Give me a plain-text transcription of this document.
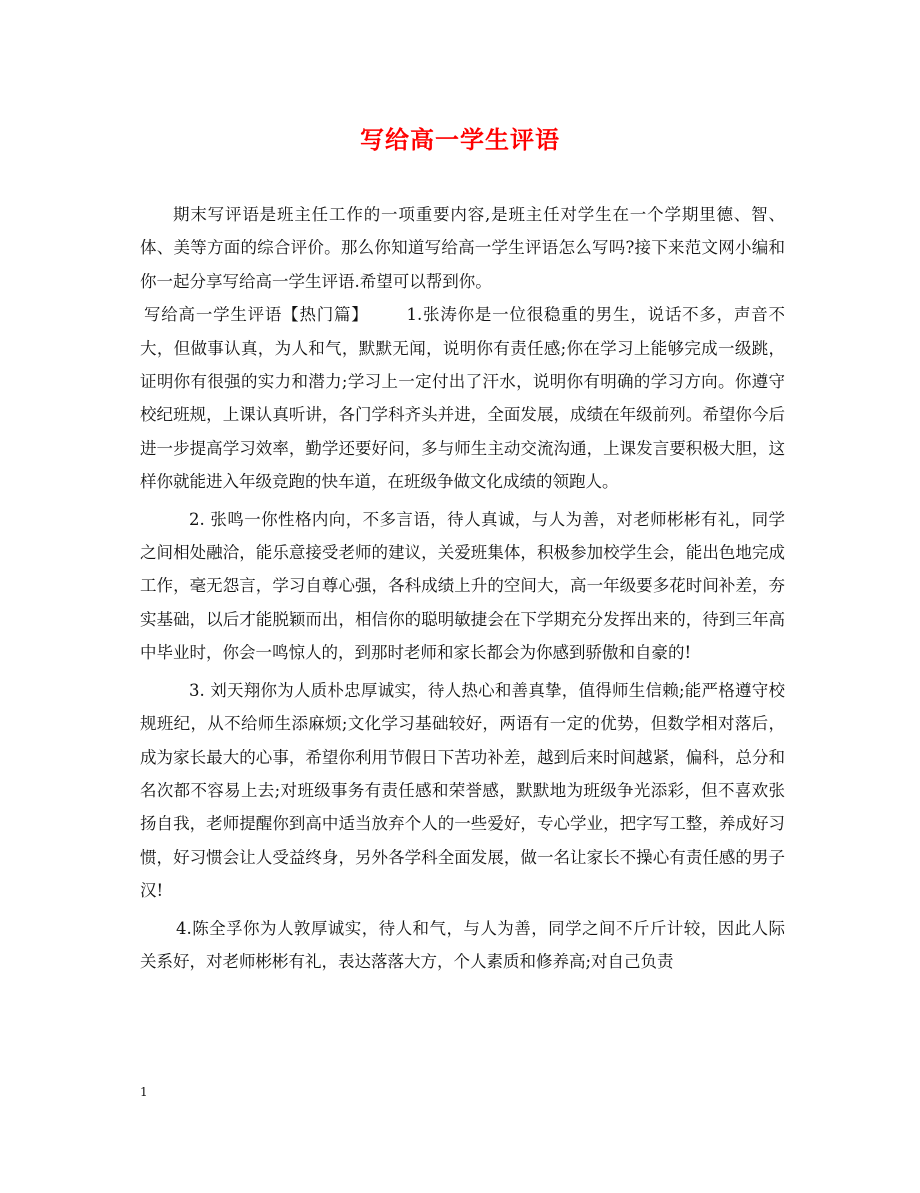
写给高一学生评语

期末写评语是班主任工作的一项重要内容,是班主任对学生在一个学期里德、智、体、美等方面的综合评价。那么你知道写给高一学生评语怎么写吗?接下来范文网小编和你一起分享写给高一学生评语.希望可以帮到你。

写给高一学生评语【热门篇】 1.张涛你是一位很稳重的男生，说话不多，声音不大，但做事认真，为人和气，默默无闻，说明你有责任感;你在学习上能够完成一级跳，证明你有很强的实力和潜力;学习上一定付出了汗水，说明你有明确的学习方向。你遵守校纪班规，上课认真听讲，各门学科齐头并进，全面发展，成绩在年级前列。希望你今后进一步提高学习效率，勤学还要好问，多与师生主动交流沟通，上课发言要积极大胆，这样你就能进入年级竞跑的快车道，在班级争做文化成绩的领跑人。

2. 张鸣一你性格内向，不多言语，待人真诚，与人为善，对老师彬彬有礼，同学之间相处融洽，能乐意接受老师的建议，关爱班集体，积极参加校学生会，能出色地完成工作，毫无怨言，学习自尊心强，各科成绩上升的空间大，高一年级要多花时间补差，夯实基础，以后才能脱颖而出，相信你的聪明敏捷会在下学期充分发挥出来的，待到三年高中毕业时，你会一鸣惊人的，到那时老师和家长都会为你感到骄傲和自豪的!

3. 刘天翔你为人质朴忠厚诚实，待人热心和善真挚，值得师生信赖;能严格遵守校规班纪，从不给师生添麻烦;文化学习基础较好，两语有一定的优势，但数学相对落后，成为家长最大的心事，希望你利用节假日下苦功补差，越到后来时间越紧，偏科，总分和名次都不容易上去;对班级事务有责任感和荣誉感，默默地为班级争光添彩，但不喜欢张扬自我，老师提醒你到高中适当放弃个人的一些爱好，专心学业，把字写工整，养成好习惯，好习惯会让人受益终身，另外各学科全面发展，做一名让家长不操心有责任感的男子汉!

4.陈全孚你为人敦厚诚实，待人和气，与人为善，同学之间不斤斤计较，因此人际关系好，对老师彬彬有礼，表达落落大方，个人素质和修养高;对自己负责

1
